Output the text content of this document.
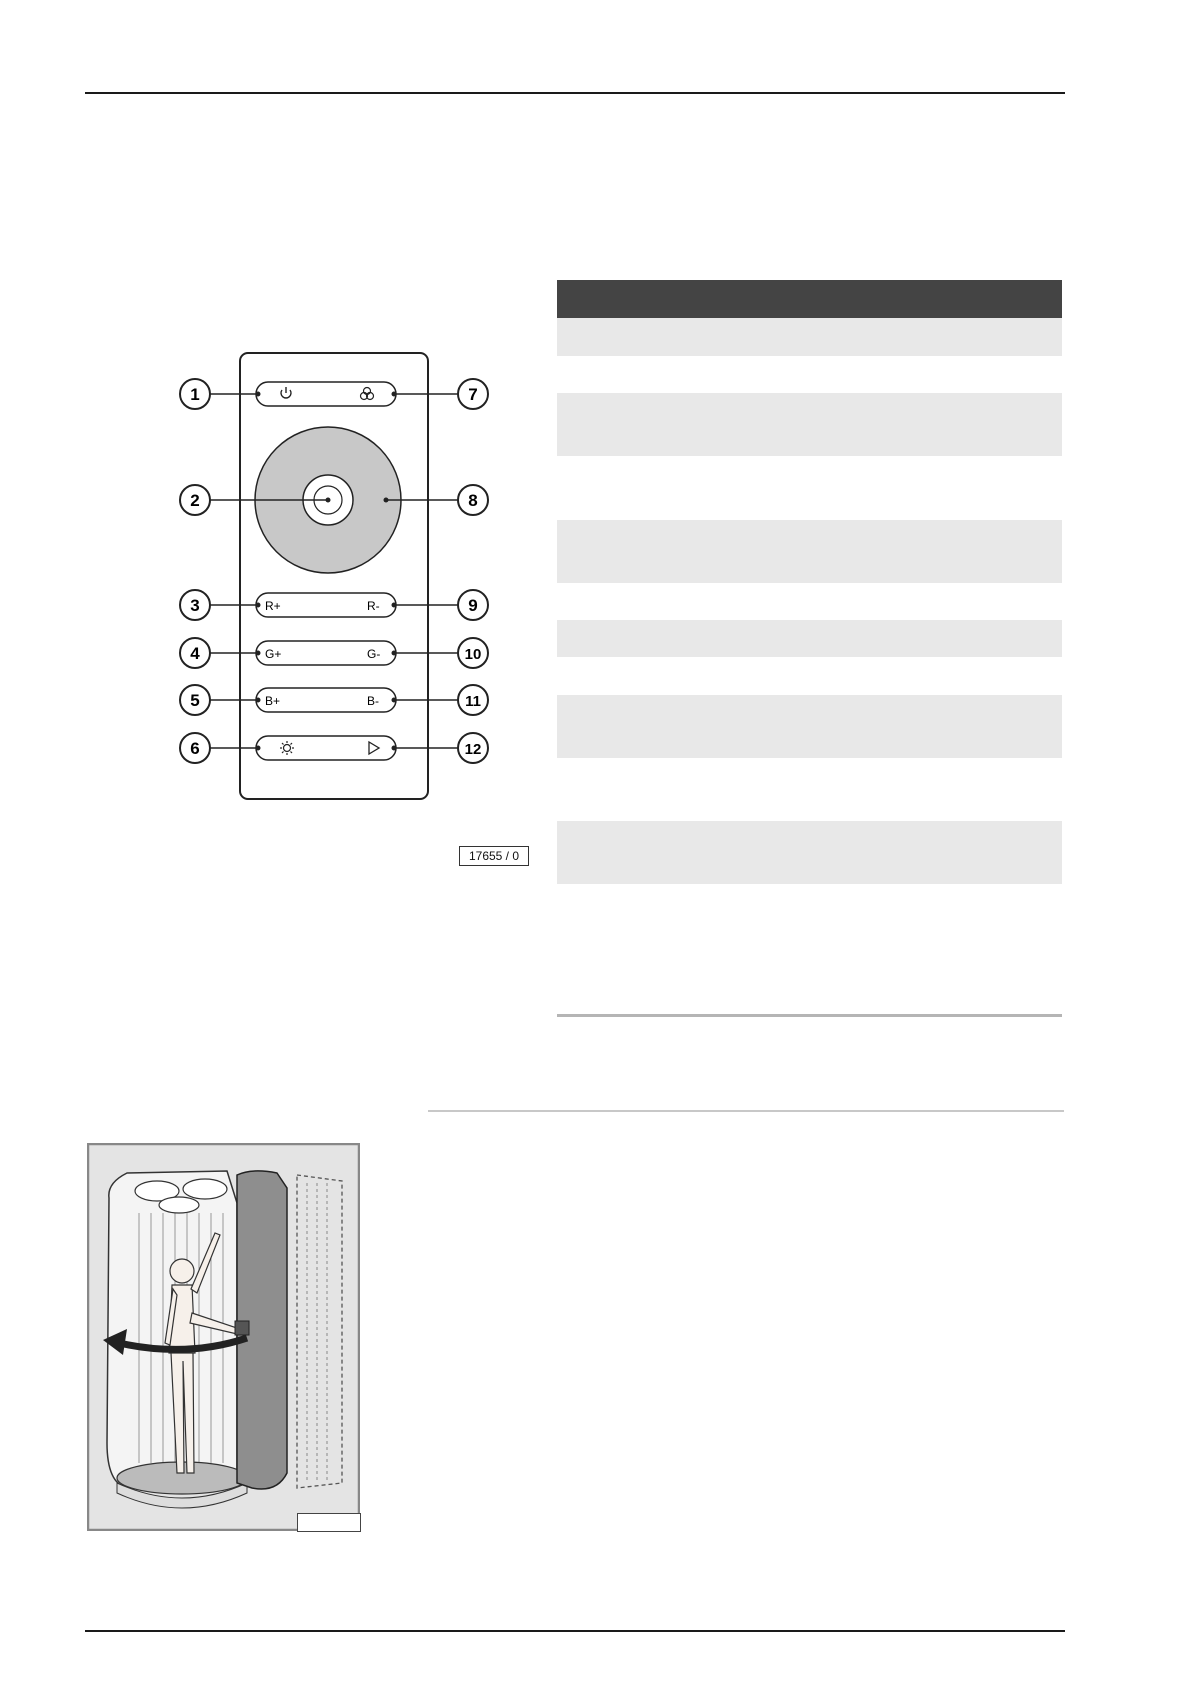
R+	R-
G+	G-
B+	B-
1
2
3
4
5
6
7
8
9
10
11
12
17655 / 0
